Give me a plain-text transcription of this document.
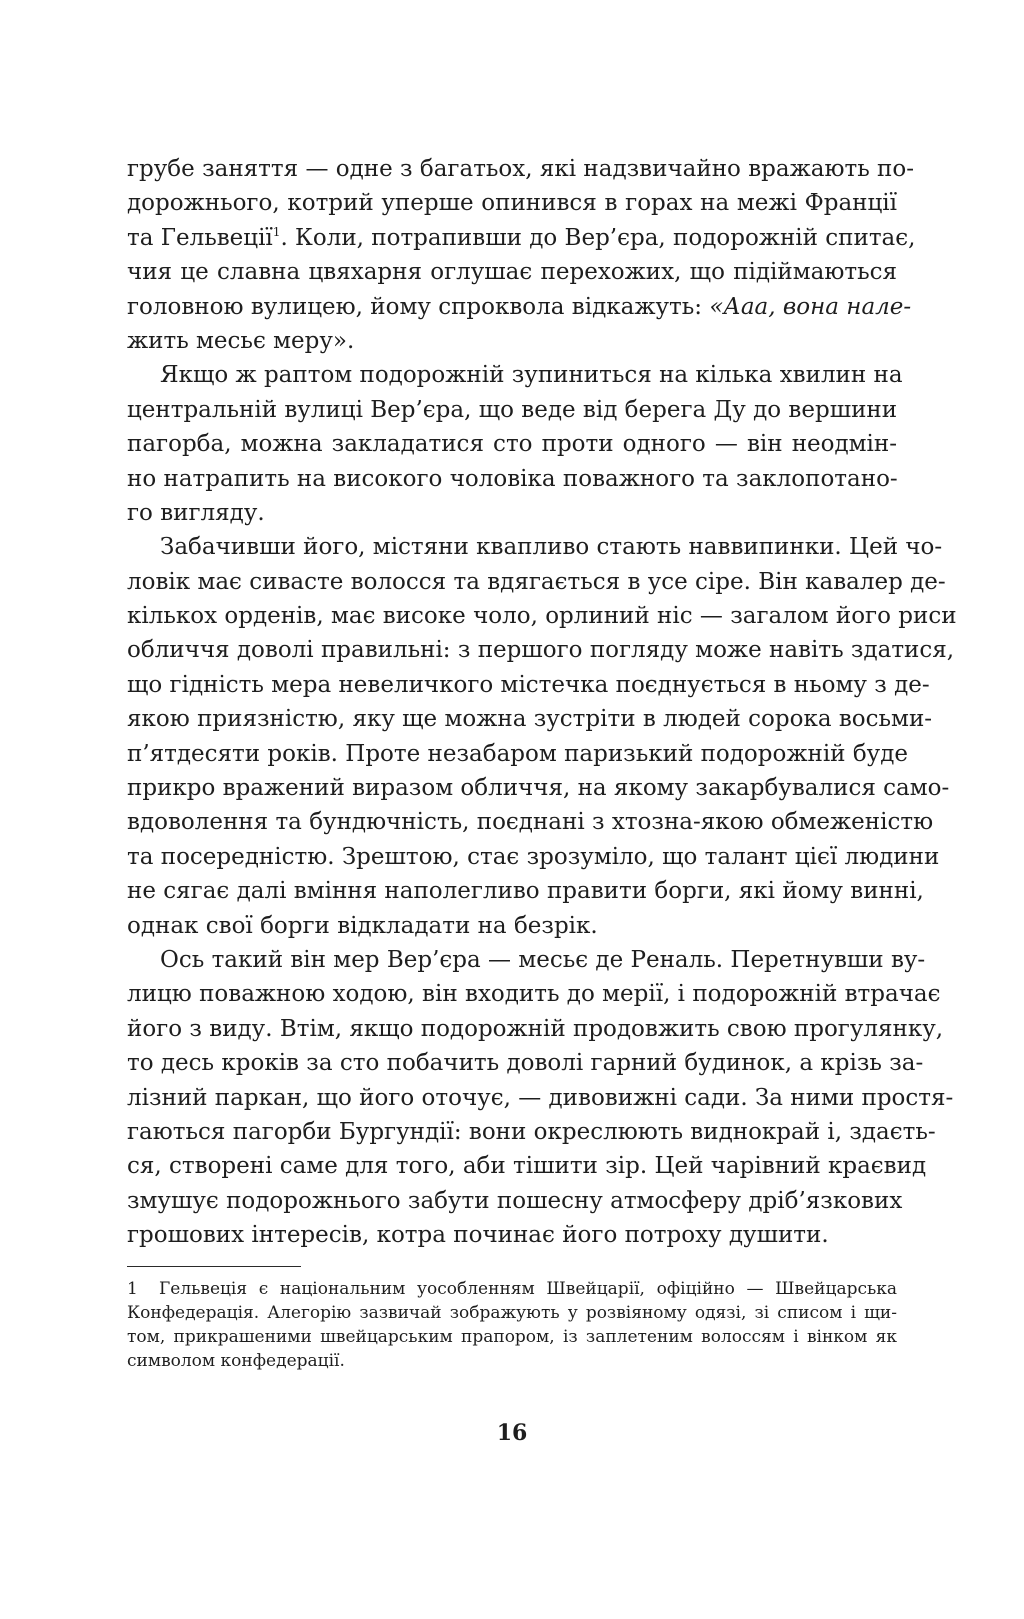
грубе заняття — одне з багатьох, які надзвичайно вражають по-
дорожнього, котрий уперше опинився в горах на межі Франції
та Гельвеції$^1$. Коли, потрапивши до Вер’єра, подорожній спитає,
чия це славна цвяхарня оглушає перехожих, що підіймаються
головною вулицею, йому спроквола відкажуть: «Ааа, вона нале-
жить месьє меру».
Якщо ж раптом подорожній зупиниться на кілька хвилин на
центральній вулиці Вер’єра, що веде від берега Ду до вершини
пагорба, можна закладатися сто проти одного — він неодмін-
но натрапить на високого чоловіка поважного та заклопотано-
го вигляду.
Забачивши його, містяни квапливо стають наввипинки. Цей чо-
ловік має сивасте волосся та вдягається в усе сіре. Він кавалер де-
кількох орденів, має високе чоло, орлиний ніс — загалом його риси
обличчя доволі правильні: з першого погляду може навіть здатися,
що гідність мера невеличкого містечка поєднується в ньому з де-
якою приязністю, яку ще можна зустріти в людей сорока восьми-
п’ятдесяти років. Проте незабаром паризький подорожній буде
прикро вражений виразом обличчя, на якому закарбувалися само-
вдоволення та бундючність, поєднані з хтозна-якою обмеженістю
та посередністю. Зрештою, стає зрозуміло, що талант цієї людини
не сягає далі вміння наполегливо правити борги, які йому винні,
однак свої борги відкладати на безрік.
Ось такий він мер Вер’єра — месьє де Реналь. Перетнувши ву-
лицю поважною ходою, він входить до мерії, і подорожній втрачає
його з виду. Втім, якщо подорожній продовжить свою прогулянку,
то десь кроків за сто побачить доволі гарний будинок, а крізь за-
лізний паркан, що його оточує, — дивовижні сади. За ними простя-
гаються пагорби Бургундії: вони окреслюють виднокрай і, здаєть-
ся, створені саме для того, аби тішити зір. Цей чарівний краєвид
змушує подорожнього забути пошесну атмосферу дріб’язкових
грошових інтересів, котра починає його потроху душити.
1 Гельвеція є національним уособленням Швейцарії, офіційно — Швейцарська
Конфедерація. Алегорію зазвичай зображують у розвіяному одязі, зі списом і щи-
том, прикрашеними швейцарським прапором, із заплетеним волоссям і вінком як
символом конфедерації.
16
